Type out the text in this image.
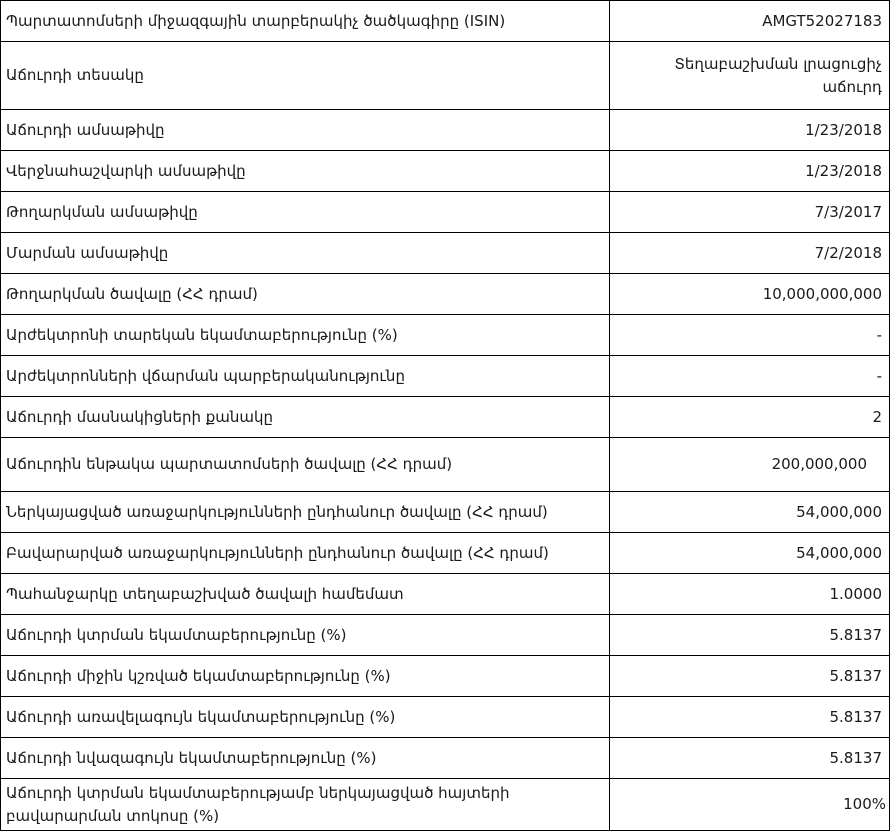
Պարտատոմսերի միջազգային տարբերակիչ ծածկագիրը (ISIN)	AMGT52027183
Աճուրդի տեսակը	Տեղաբաշխման լրացուցիչ աճուրդ
Աճուրդի ամսաթիվը	1/23/2018
Վերջնահաշվարկի ամսաթիվը	1/23/2018
Թողարկման ամսաթիվը	7/3/2017
Մարման ամսաթիվը	7/2/2018
Թողարկման ծավալը (ՀՀ դրամ)	10,000,000,000
Արժեկտրոնի տարեկան եկամտաբերությունը (%)	-
Արժեկտրոնների վճարման պարբերականությունը	-
Աճուրդի մասնակիցների քանակը	2
Աճուրդին ենթակա պարտատոմսերի ծավալը (ՀՀ դրամ)	200,000,000
Ներկայացված առաջարկությունների ընդհանուր ծավալը (ՀՀ դրամ)	54,000,000
Բավարարված առաջարկությունների ընդհանուր ծավալը (ՀՀ դրամ)	54,000,000
Պահանջարկը տեղաբաշխված ծավալի համեմատ	1.0000
Աճուրդի կտրման եկամտաբերությունը (%)	5.8137
Աճուրդի միջին կշռված եկամտաբերությունը (%)	5.8137
Աճուրդի առավելագույն եկամտաբերությունը (%)	5.8137
Աճուրդի նվազագույն եկամտաբերությունը (%)	5.8137
Աճուրդի կտրման եկամտաբերությամբ ներկայացված հայտերի բավարարման տոկոսը (%)	100%
